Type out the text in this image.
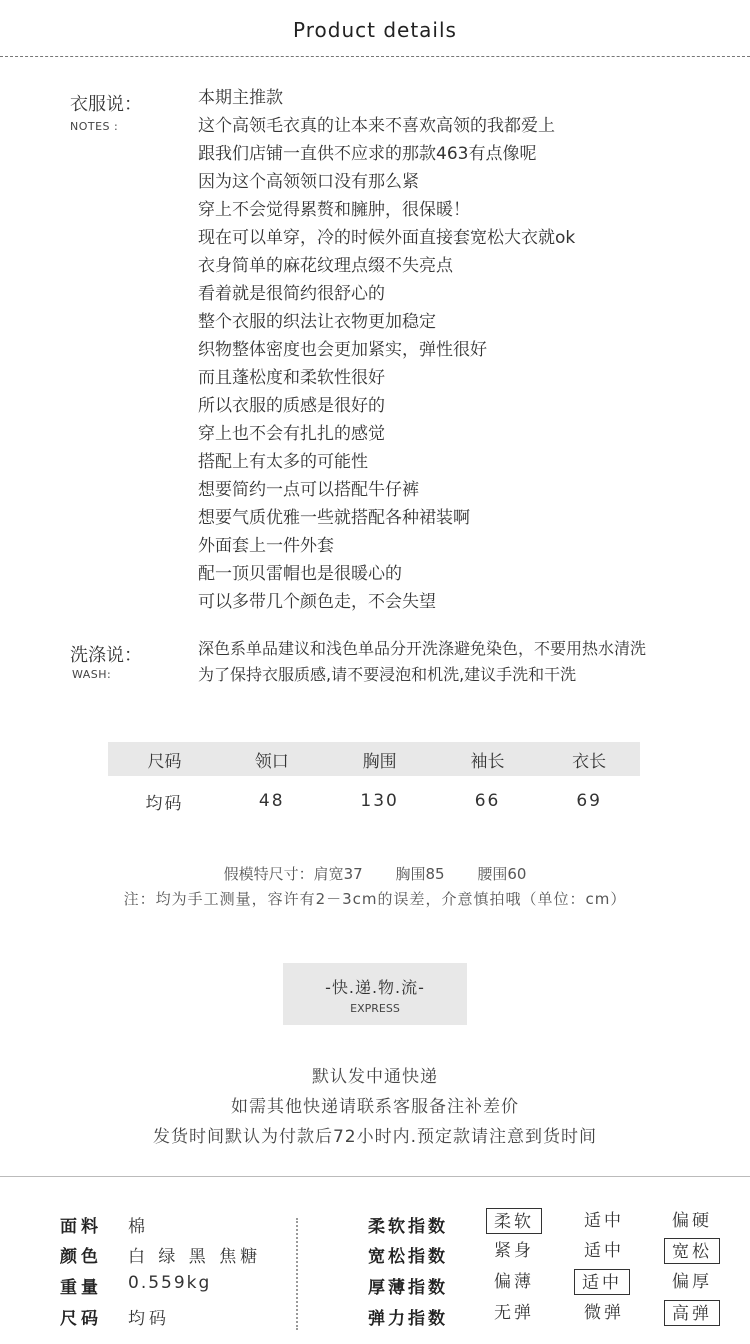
Product details
衣服说：
NOTES :
本期主推款
这个高领毛衣真的让本来不喜欢高领的我都爱上
跟我们店铺一直供不应求的那款463有点像呢
因为这个高领领口没有那么紧
穿上不会觉得累赘和臃肿，很保暖！
现在可以单穿，冷的时候外面直接套宽松大衣就ok
衣身简单的麻花纹理点缀不失亮点
看着就是很简约很舒心的
整个衣服的织法让衣物更加稳定
织物整体密度也会更加紧实，弹性很好
而且蓬松度和柔软性很好
所以衣服的质感是很好的
穿上也不会有扎扎的感觉
搭配上有太多的可能性
想要简约一点可以搭配牛仔裤
想要气质优雅一些就搭配各种裙装啊
外面套上一件外套
配一顶贝雷帽也是很暖心的
可以多带几个颜色走，不会失望
洗涤说：
WASH:
深色系单品建议和浅色单品分开洗涤避免染色，不要用热水清洗
为了保持衣服质感,请不要浸泡和机洗,建议手洗和干洗
尺码	领口	胸围	袖长	衣长
均码	48	130	66	69
假模特尺寸：肩宽37 胸围85 腰围60
注：均为手工测量，容许有2－3cm的误差，介意慎拍哦（单位：cm）
-快.递.物.流-
EXPRESS
默认发中通快递
如需其他快递请联系客服备注补差价
发货时间默认为付款后72小时内.预定款请注意到货时间
面料 棉
颜色 白 绿 黑 焦糖
重量 0.559kg
尺码 均码
柔软指数	柔软	适中	偏硬
宽松指数	紧身	适中	宽松
厚薄指数	偏薄	适中	偏厚
弹力指数	无弹	微弹	高弹
